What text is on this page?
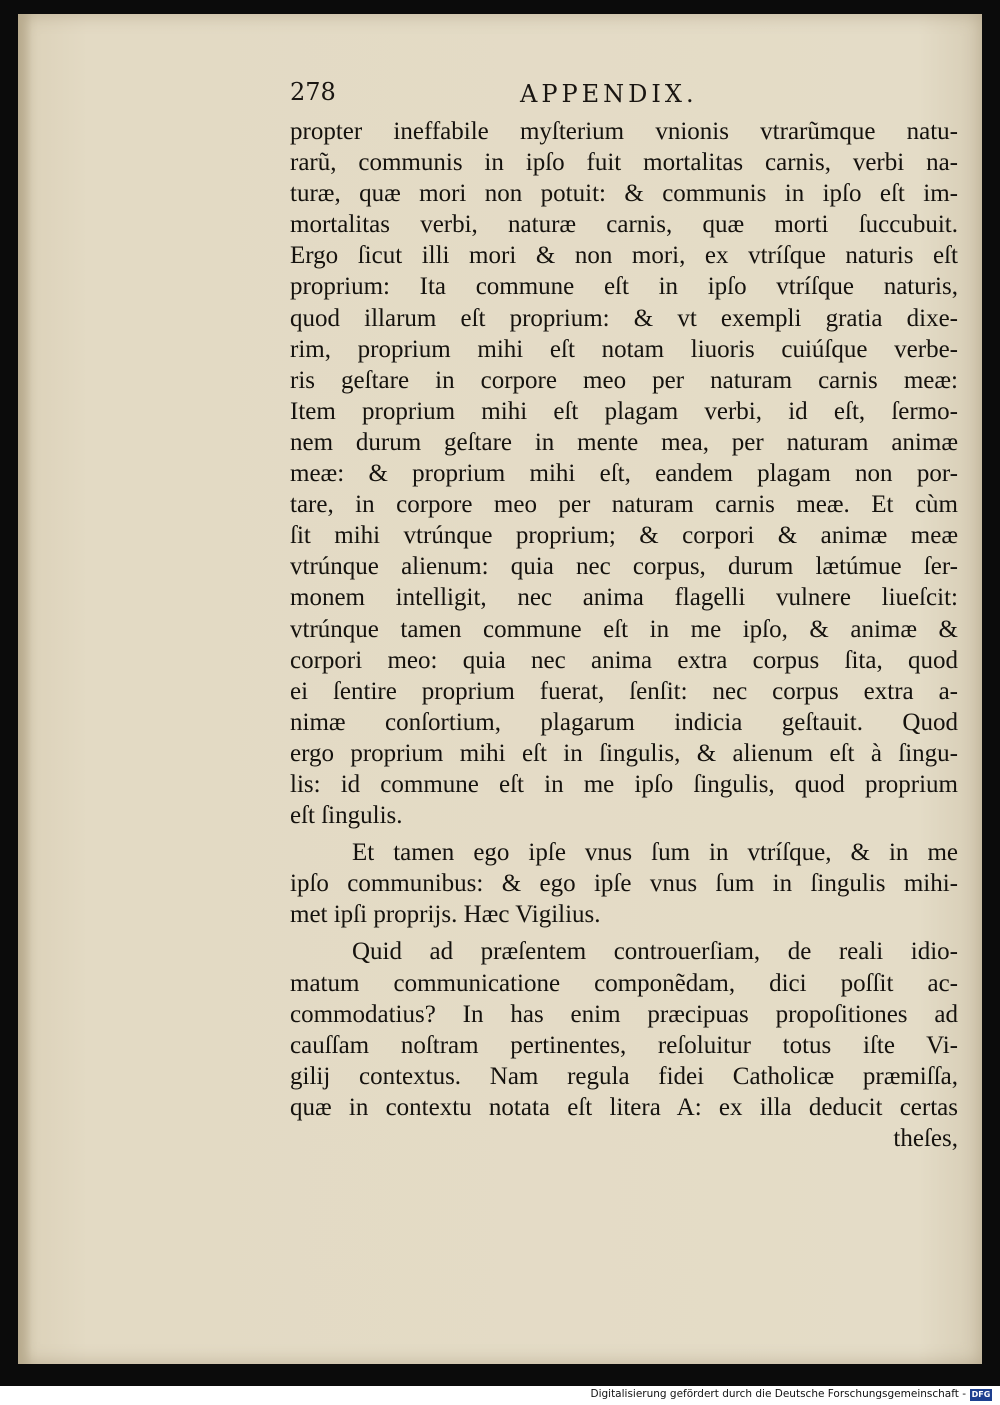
278	APPENDIX.
propter ineffabile myſterium vnionis vtrarũmque natu-
rarũ, communis in ipſo fuit mortalitas carnis, verbi na-
turæ, quæ mori non potuit: & communis in ipſo eſt im-
mortalitas verbi, naturæ carnis, quæ morti ſuccubuit.
Ergo ſicut illi mori & non mori, ex vtríſque naturis eſt
proprium: Ita commune eſt in ipſo vtríſque naturis,
quod illarum eſt proprium: & vt exempli gratia dixe-
rim, proprium mihi eſt notam liuoris cuiúſque verbe-
ris geſtare in corpore meo per naturam carnis meæ:
Item proprium mihi eſt plagam verbi, id eſt, ſermo-
nem durum geſtare in mente mea, per naturam animæ
meæ: & proprium mihi eſt, eandem plagam non por-
tare, in corpore meo per naturam carnis meæ. Et cùm
ſit mihi vtrúnque proprium; & corpori & animæ meæ
vtrúnque alienum: quia nec corpus, durum lætúmue ſer-
monem intelligit, nec anima flagelli vulnere liueſcit:
vtrúnque tamen commune eſt in me ipſo, & animæ &
corpori meo: quia nec anima extra corpus ſita, quod
ei ſentire proprium fuerat, ſenſit: nec corpus extra a-
nimæ conſortium, plagarum indicia geſtauit. Quod
ergo proprium mihi eſt in ſingulis, & alienum eſt à ſingu-
lis: id commune eſt in me ipſo ſingulis, quod proprium
eſt ſingulis.
Et tamen ego ipſe vnus ſum in vtríſque, & in me
ipſo communibus: & ego ipſe vnus ſum in ſingulis mihi-
met ipſi proprijs. Hæc Vigilius.
Quid ad præſentem controuerſiam, de reali idio-
matum communicatione componẽdam, dici poſſit ac-
commodatius? In has enim præcipuas propoſitiones ad
cauſſam noſtram pertinentes, reſoluitur totus iſte Vi-
gilij contextus. Nam regula fidei Catholicæ præmiſſa,
quæ in contextu notata eſt litera A: ex illa deducit certas
theſes,
Digitalisierung gefördert durch die Deutsche Forschungsgemeinschaft - DFG
